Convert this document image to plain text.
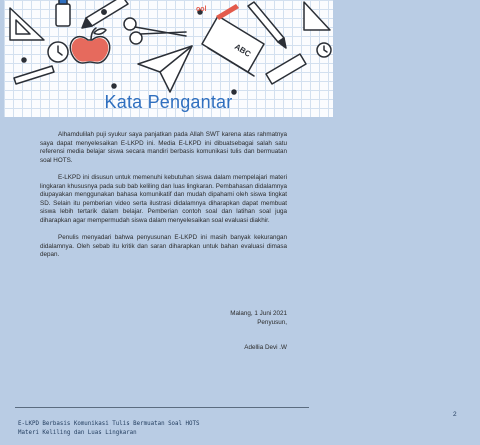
ool
ABC
Kata Pengantar

Alhamdulilah puji syukur saya panjatkan pada Allah SWT karena atas rahmatnya saya dapat menyelesaikan E-LKPD ini. Media E-LKPD ini dibuatsebagai salah satu referensi media belajar siswa secara mandiri berbasis komunikasi tulis dan bermuatan soal HOTS.

E-LKPD ini disusun untuk memenuhi kebutuhan siswa dalam mempelajari materi lingkaran khususnya pada sub bab keliling dan luas lingkaran. Pembahasan didalamnya diupayakan menggunakan bahasa komunikatif dan mudah dipahami oleh siswa tingkat SD. Selain itu pemberian video serta ilustrasi didalamnya diharapkan dapat membuat siswa lebih tertarik dalam belajar. Pemberian contoh soal dan latihan soal juga diharapkan agar mempermudah siswa dalam menyelesaikan soal evaluasi diakhir.

Penulis menyadari bahwa penyusunan E-LKPD ini masih banyak kekurangan didalamnya. Oleh sebab itu kritik dan saran diharapkan untuk bahan evaluasi dimasa depan.

Malang, 1 Juni 2021
Penyusun,
Adellia Devi .W
2
E-LKPD Berbasis Komunikasi Tulis Bermuatan Soal HOTS
Materi Keliling dan Luas Lingkaran
